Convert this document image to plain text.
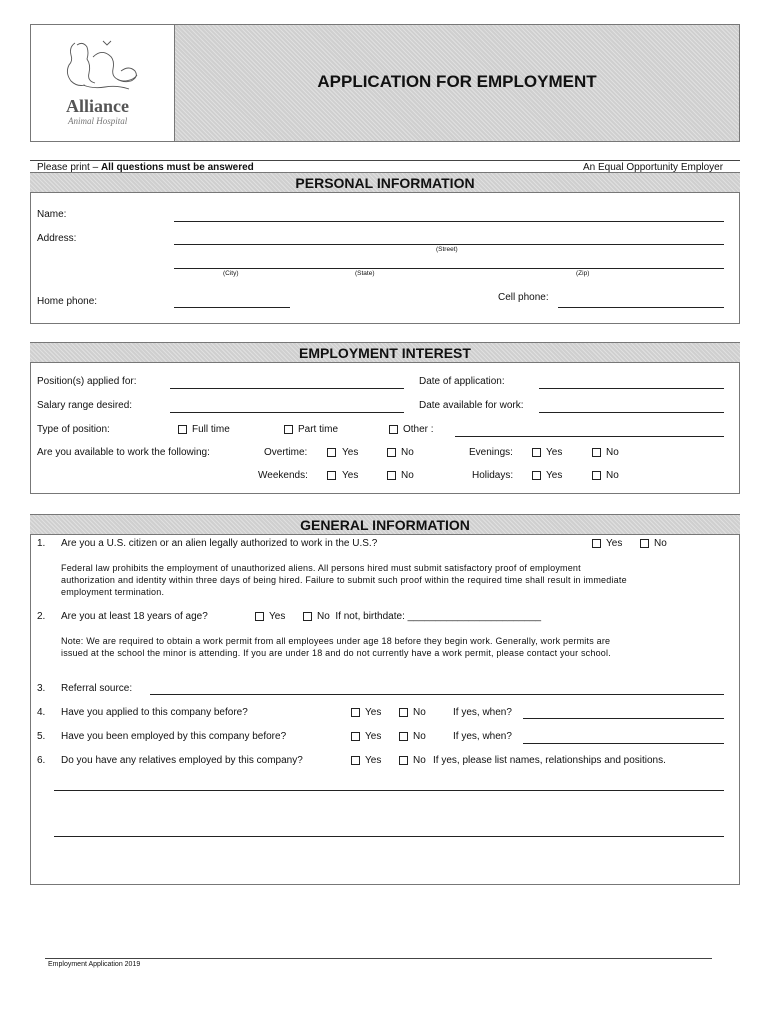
Alliance
Animal Hospital
APPLICATION FOR EMPLOYMENT
Please print – All questions must be answered	An Equal Opportunity Employer
PERSONAL INFORMATION
Name:
Address:
(Street)
(City)	(State)	(Zip)
Home phone:	Cell phone:
EMPLOYMENT INTEREST
Position(s) applied for:	Date of application:
Salary range desired:	Date available for work:
Type of position:	Full time	Part time	Other :
Are you available to work the following:	Overtime:	Yes	No	Evenings:	Yes	No
Weekends:	Yes	No	Holidays:	Yes	No
GENERAL INFORMATION
1. Are you a U.S. citizen or an alien legally authorized to work in the U.S.?	Yes	No
Federal law prohibits the employment of unauthorized aliens. All persons hired must submit satisfactory proof of employment
authorization and identity within three days of being hired. Failure to submit such proof within the required time shall result in immediate
employment termination.
2. Are you at least 18 years of age?	Yes	No If not, birthdate: ________________________
Note: We are required to obtain a work permit from all employees under age 18 before they begin work. Generally, work permits are
issued at the school the minor is attending. If you are under 18 and do not currently have a work permit, please contact your school.
3. Referral source:
4. Have you applied to this company before?	Yes	No	If yes, when?
5. Have you been employed by this company before?	Yes	No	If yes, when?
6. Do you have any relatives employed by this company?	Yes	No If yes, please list names, relationships and positions.
Employment Application 2019
